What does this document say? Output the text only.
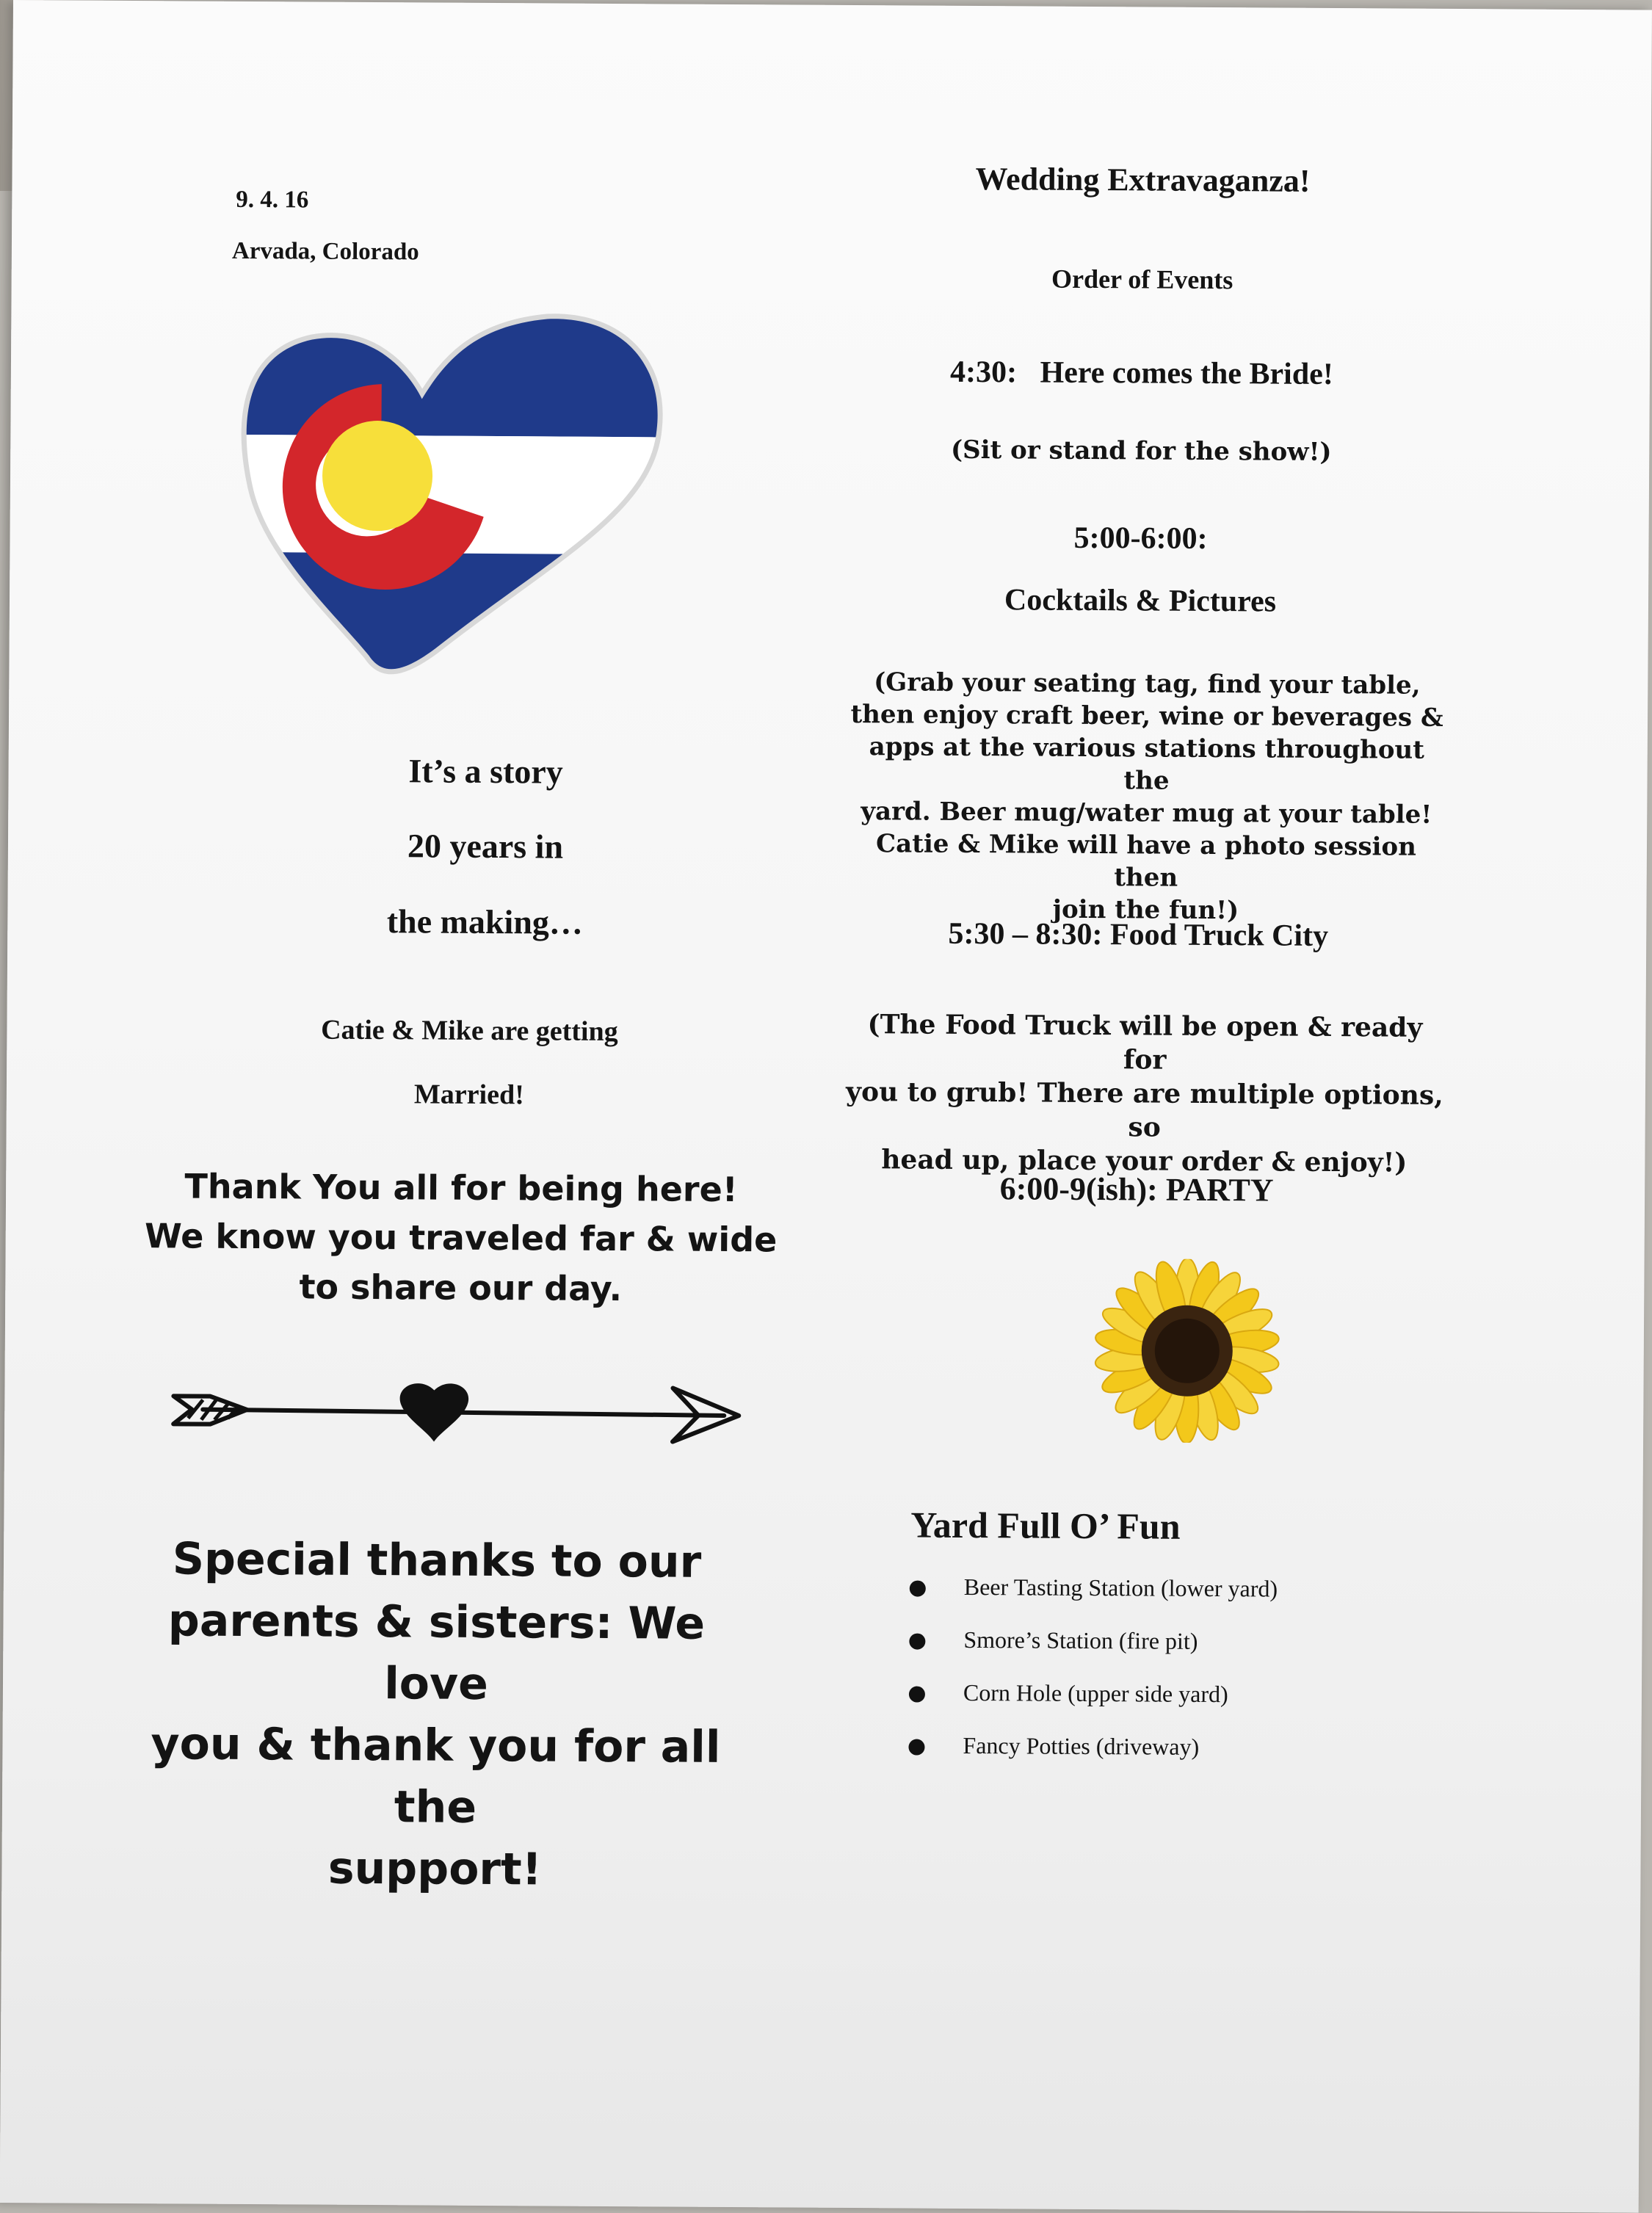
9. 4. 16
Arvada, Colorado
It’s a story
20 years in
the making…
Catie & Mike are getting
Married!
Thank You all for being here!
We know you traveled far & wide
to share our day.
Special thanks to our
parents & sisters: We love
you & thank you for all the
support!
Wedding Extravaganza!
Order of Events
4:30:   Here comes the Bride!
(Sit or stand for the show!)
5:00-6:00:
Cocktails & Pictures
(Grab your seating tag, find your table,
then enjoy craft beer, wine or beverages &
apps at the various stations throughout the
yard. Beer mug/water mug at your table!
Catie & Mike will have a photo session then
join the fun!)
5:30 – 8:30: Food Truck City
(The Food Truck will be open & ready for
you to grub! There are multiple options, so
head up, place your order & enjoy!)
6:00-9(ish): PARTY
Yard Full O’ Fun
Beer Tasting Station (lower yard)
Smore’s Station (fire pit)
Corn Hole (upper side yard)
Fancy Potties (driveway)
